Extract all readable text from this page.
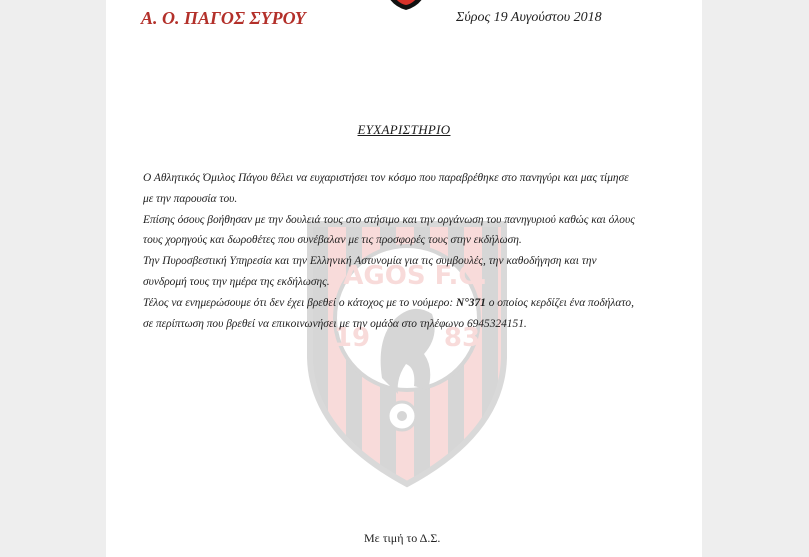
PAGOS F.C.
19	83
Α. Ο. ΠΑΓΟΣ ΣΥΡΟΥ	Σύρος 19 Αυγούστου 2018
ΕΥΧΑΡΙΣΤΗΡΙΟ

Ο Αθλητικός Όμιλος Πάγου θέλει να ευχαριστήσει τον κόσμο που παραβρέθηκε στο πανηγύρι και μας τίμησε

με την παρουσία του.

Επίσης όσους βοήθησαν με την δουλειά τους στο στήσιμο και την οργάνωση του πανηγυριού καθώς και όλους

τους χορηγούς και δωροθέτες που συνέβαλαν με τις προσφορές τους στην εκδήλωση.

Την Πυροσβεστική Υπηρεσία και την Ελληνική Αστυνομία για τις συμβουλές, την καθοδήγηση και την

συνδρομή τους την ημέρα της εκδήλωσης.

Τέλος να ενημερώσουμε ότι δεν έχει βρεθεί ο κάτοχος με το νούμερο: Ν°371 ο οποίος κερδίζει ένα ποδήλατο,

σε περίπτωση που βρεθεί να επικοινωνήσει με την ομάδα στο τηλέφωνο 6945324151.

Με τιμή το Δ.Σ.
